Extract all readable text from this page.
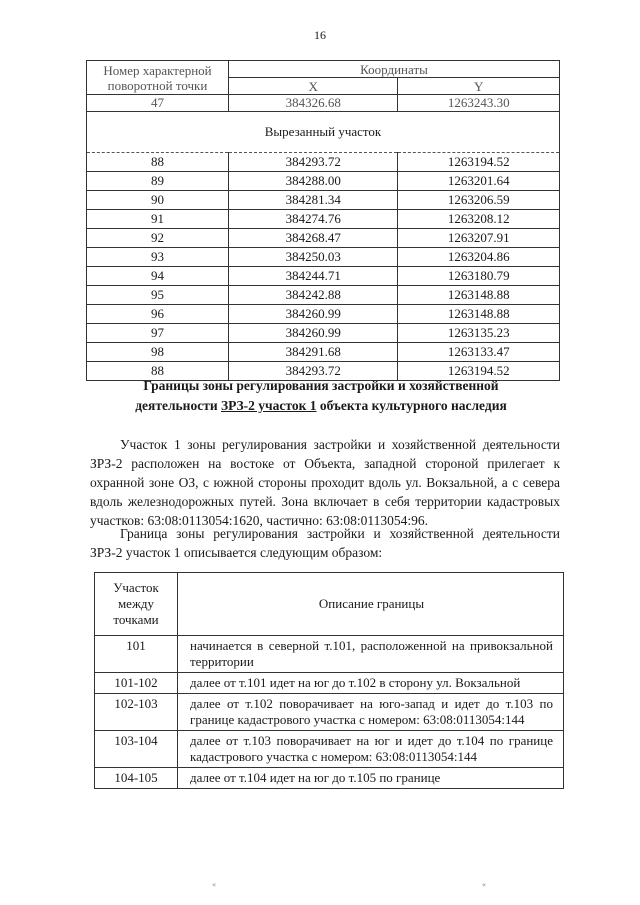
16
Номер характерной
поворотной точки	Координаты	
	X	Y
47	384326.68	1263243.30
Вырезанный участок		
88	384293.72	1263194.52
89	384288.00	1263201.64
90	384281.34	1263206.59
91	384274.76	1263208.12
92	384268.47	1263207.91
93	384250.03	1263204.86
94	384244.71	1263180.79
95	384242.88	1263148.88
96	384260.99	1263148.88
97	384260.99	1263135.23
98	384291.68	1263133.47
88	384293.72	1263194.52
Границы зоны регулирования застройки и хозяйственной
деятельности ЗРЗ-2 участок 1 объекта культурного наследия

Участок 1 зоны регулирования застройки и хозяйственной деятельности ЗРЗ-2 расположен на востоке от Объекта, западной стороной прилегает к охранной зоне ОЗ, с южной стороны проходит вдоль ул. Вокзальной, а с севера вдоль железнодорожных путей. Зона включает в себя территории кадастровых участков: 63:08:0113054:1620, частично: 63:08:0113054:96.

Граница зоны регулирования застройки и хозяйственной деятельности ЗРЗ-2 участок 1 описывается следующим образом:

Участок между точками	Описание границы
101	начинается в северной т.101, расположенной на привокзальной территории
101-102	далее от т.101 идет на юг до т.102 в сторону ул. Вокзальной
102-103	далее от т.102 поворачивает на юго-запад и идет до т.103 по границе кадастрового участка с номером: 63:08:0113054:144
103-104	далее от т.103 поворачивает на юг и идет до т.104 по границе кадастрового участка с номером: 63:08:0113054:144
104-105	далее от т.104 идет на юг до т.105 по границе
«	«
